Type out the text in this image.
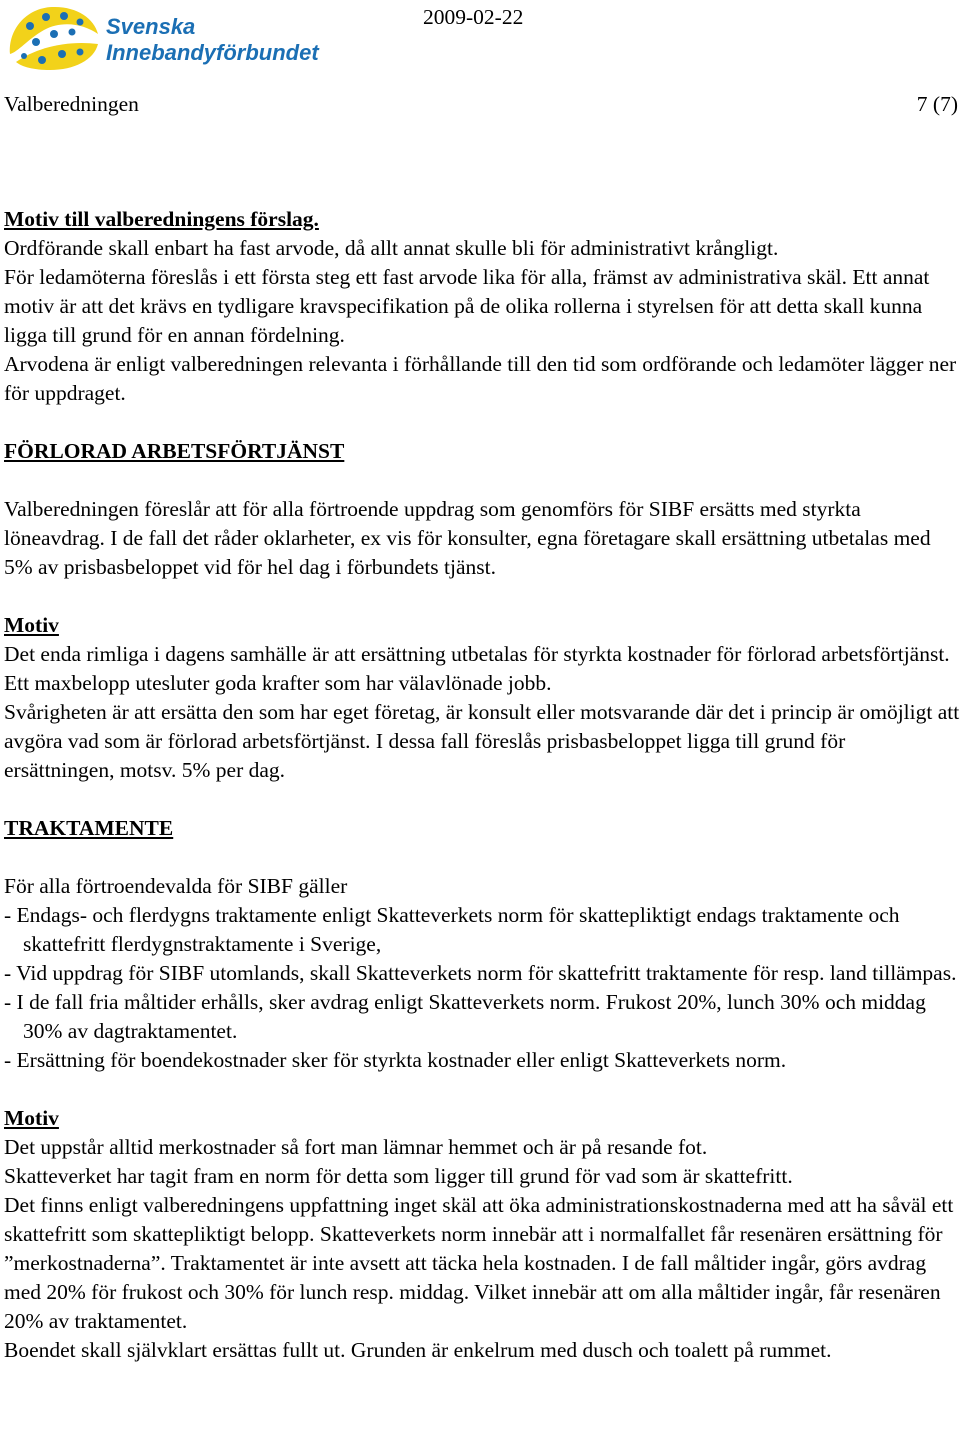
Svenska
Innebandyförbundet
2009-02-22
Valberedningen	7 (7)

Motiv till valberedningens förslag.

Ordförande skall enbart ha fast arvode, då allt annat skulle bli för administrativt krångligt.

För ledamöterna föreslås i ett första steg ett fast arvode lika för alla, främst av administrativa skäl. Ett annat motiv är att det krävs en tydligare kravspecifikation på de olika rollerna i styrelsen för att detta skall kunna ligga till grund för en annan fördelning.

Arvodena är enligt valberedningen relevanta i förhållande till den tid som ordförande och ledamöter lägger ner för uppdraget.

FÖRLORAD ARBETSFÖRTJÄNST

Valberedningen föreslår att för alla förtroende uppdrag som genomförs för SIBF ersätts med styrkta löneavdrag. I de fall det råder oklarheter, ex vis för konsulter, egna företagare skall ersättning utbetalas med 5% av prisbasbeloppet vid för hel dag i förbundets tjänst.

Motiv

Det enda rimliga i dagens samhälle är att ersättning utbetalas för styrkta kostnader för förlorad arbetsförtjänst. Ett maxbelopp utesluter goda krafter som har välavlönade jobb.

Svårigheten är att ersätta den som har eget företag, är konsult eller motsvarande där det i princip är omöjligt att avgöra vad som är förlorad arbetsförtjänst. I dessa fall föreslås prisbasbeloppet ligga till grund för ersättningen, motsv. 5% per dag.

TRAKTAMENTE

För alla förtroendevalda för SIBF gäller

- Endags- och flerdygns traktamente enligt Skatteverkets norm för skattepliktigt endags traktamente och skattefritt flerdygnstraktamente i Sverige,

- Vid uppdrag för SIBF utomlands, skall Skatteverkets norm för skattefritt traktamente för resp. land tillämpas.

- I de fall fria måltider erhålls, sker avdrag enligt Skatteverkets norm. Frukost 20%, lunch 30% och middag 30% av dagtraktamentet.

- Ersättning för boendekostnader sker för styrkta kostnader eller enligt Skatteverkets norm.

Motiv

Det uppstår alltid merkostnader så fort man lämnar hemmet och är på resande fot.

Skatteverket har tagit fram en norm för detta som ligger till grund för vad som är skattefritt.

Det finns enligt valberedningens uppfattning inget skäl att öka administrationskostnaderna med att ha såväl ett skattefritt som skattepliktigt belopp. Skatteverkets norm innebär att i normalfallet får resenären ersättning för ”merkostnaderna”. Traktamentet är inte avsett att täcka hela kostnaden. I de fall måltider ingår, görs avdrag med 20% för frukost och 30% för lunch resp. middag. Vilket innebär att om alla måltider ingår, får resenären 20% av traktamentet.

Boendet skall självklart ersättas fullt ut. Grunden är enkelrum med dusch och toalett på rummet.
